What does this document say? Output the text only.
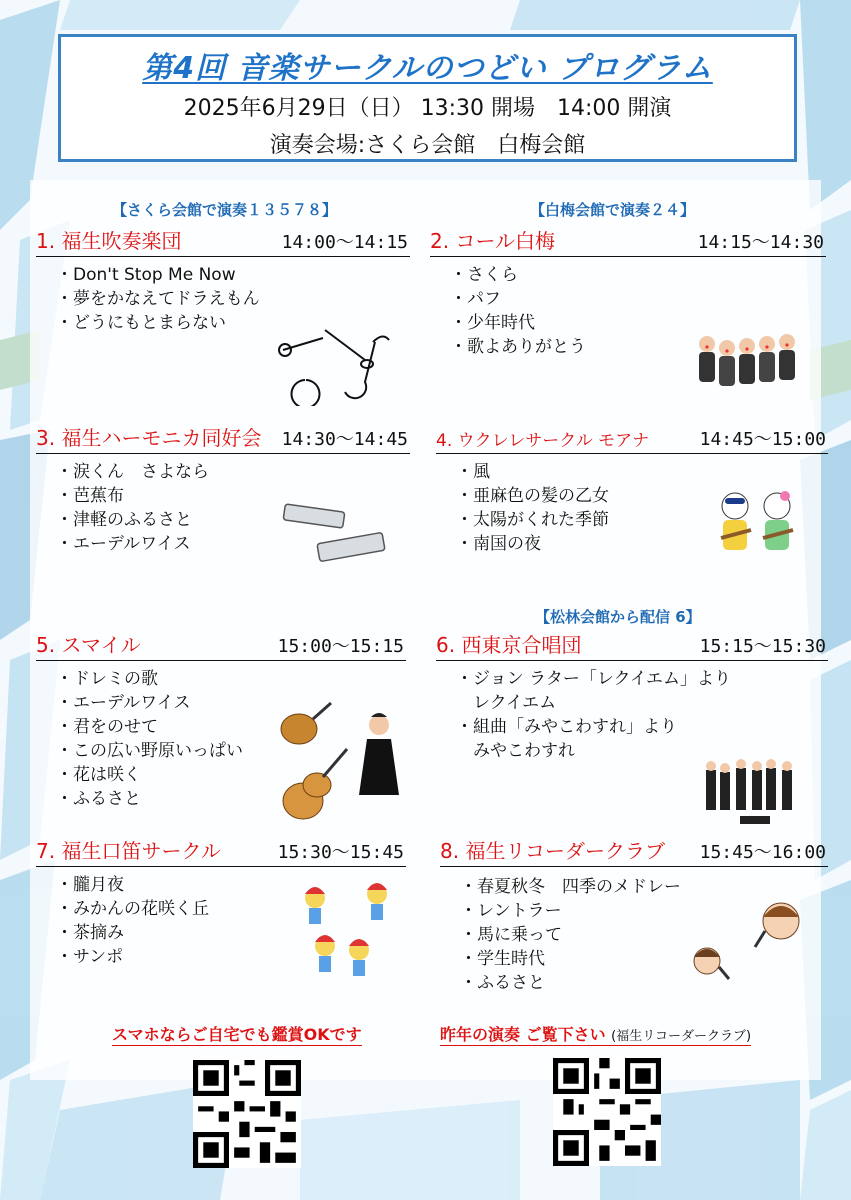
第4回 音楽サークルのつどい プログラム
2025年6月29日（日） 13:30 開場　14:00 開演
演奏会場:さくら会館　白梅会館
【さくら会館で演奏１３５７８】	【白梅会館で演奏２４】
【松林会館から配信 6】
1. 福生吹奏楽団	14:00～14:15
・Don't Stop Me Now
・夢をかなえてドラえもん
・どうにもとまらない
2. コール白梅	14:15～14:30
・さくら
・パフ
・少年時代
・歌よありがとう
3. 福生ハーモニカ同好会 14:30～14:45
・涙くん　さよなら
・芭蕉布
・津軽のふるさと
・エーデルワイス
4. ウクレレサークル モアナ	14:45～15:00
・風
・亜麻色の髪の乙女
・太陽がくれた季節
・南国の夜
5. スマイル	15:00～15:15
・ドレミの歌
・エーデルワイス
・君をのせて
・この広い野原いっぱい
・花は咲く
・ふるさと
6. 西東京合唱団	15:15～15:30
・ジョン ラター「レクイエム」より
　レクイエム
・組曲「みやこわすれ」より
　みやこわすれ
7. 福生口笛サークル	15:30～15:45
・朧月夜
・みかんの花咲く丘
・茶摘み
・サンポ
8. 福生リコーダークラブ 15:45～16:00
・春夏秋冬　四季のメドレー
・レントラー
・馬に乗って
・学生時代
・ふるさと
スマホならご自宅でも鑑賞OKです	昨年の演奏 ご覧下さい (福生リコーダークラブ)
